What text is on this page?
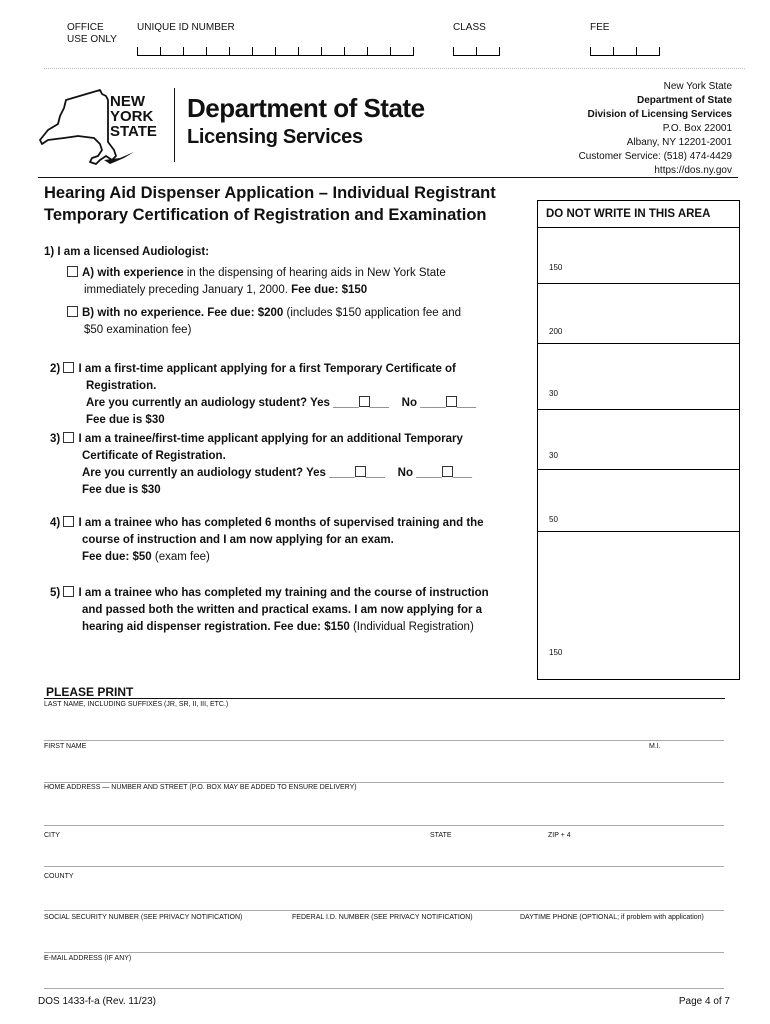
OFFICE
USE ONLY
UNIQUE ID NUMBER	CLASS	FEE
NEW
YORK
STATE
Department of State
Licensing Services
New York State
Department of State
Division of Licensing Services
P.O. Box 22001
Albany, NY 12201-2001
Customer Service: (518) 474-4429
https://dos.ny.gov
Hearing Aid Dispenser Application – Individual Registrant
Temporary Certification of Registration and Examination	DO NOT WRITE IN THIS AREA
150
200
30
30
50
150
1) I am a licensed Audiologist:
A) with experience in the dispensing of hearing aids in New York State
immediately preceding January 1, 2000. Fee due: $150
B) with no experience. Fee due: $200 (includes $150 application fee and
$50 examination fee)
2) I am a first-time applicant applying for a first Temporary Certificate of
Registration.
Are you currently an audiology student? Yes ____ ___    No ____ ___
Fee due is $30
3) I am a trainee/first-time applicant applying for an additional Temporary
Certificate of Registration.
Are you currently an audiology student? Yes ____ ___    No ____ ___
Fee due is $30
4) I am a trainee who has completed 6 months of supervised training and the
course of instruction and I am now applying for an exam.
Fee due: $50 (exam fee)
5) I am a trainee who has completed my training and the course of instruction
and passed both the written and practical exams. I am now applying for a
hearing aid dispenser registration. Fee due: $150 (Individual Registration)
PLEASE PRINT
LAST NAME, INCLUDING SUFFIXES (JR, SR, II, III, ETC.)
FIRST NAME	M.I.
HOME ADDRESS — NUMBER AND STREET (P.O. BOX MAY BE ADDED TO ENSURE DELIVERY)
CITY	STATE	ZIP + 4
COUNTY
SOCIAL SECURITY NUMBER (SEE PRIVACY NOTIFICATION)	FEDERAL I.D. NUMBER (SEE PRIVACY NOTIFICATION)	DAYTIME PHONE (OPTIONAL; if problem with application)
E-MAIL ADDRESS (IF ANY)
DOS 1433-f-a (Rev. 11/23)	Page 4 of 7
